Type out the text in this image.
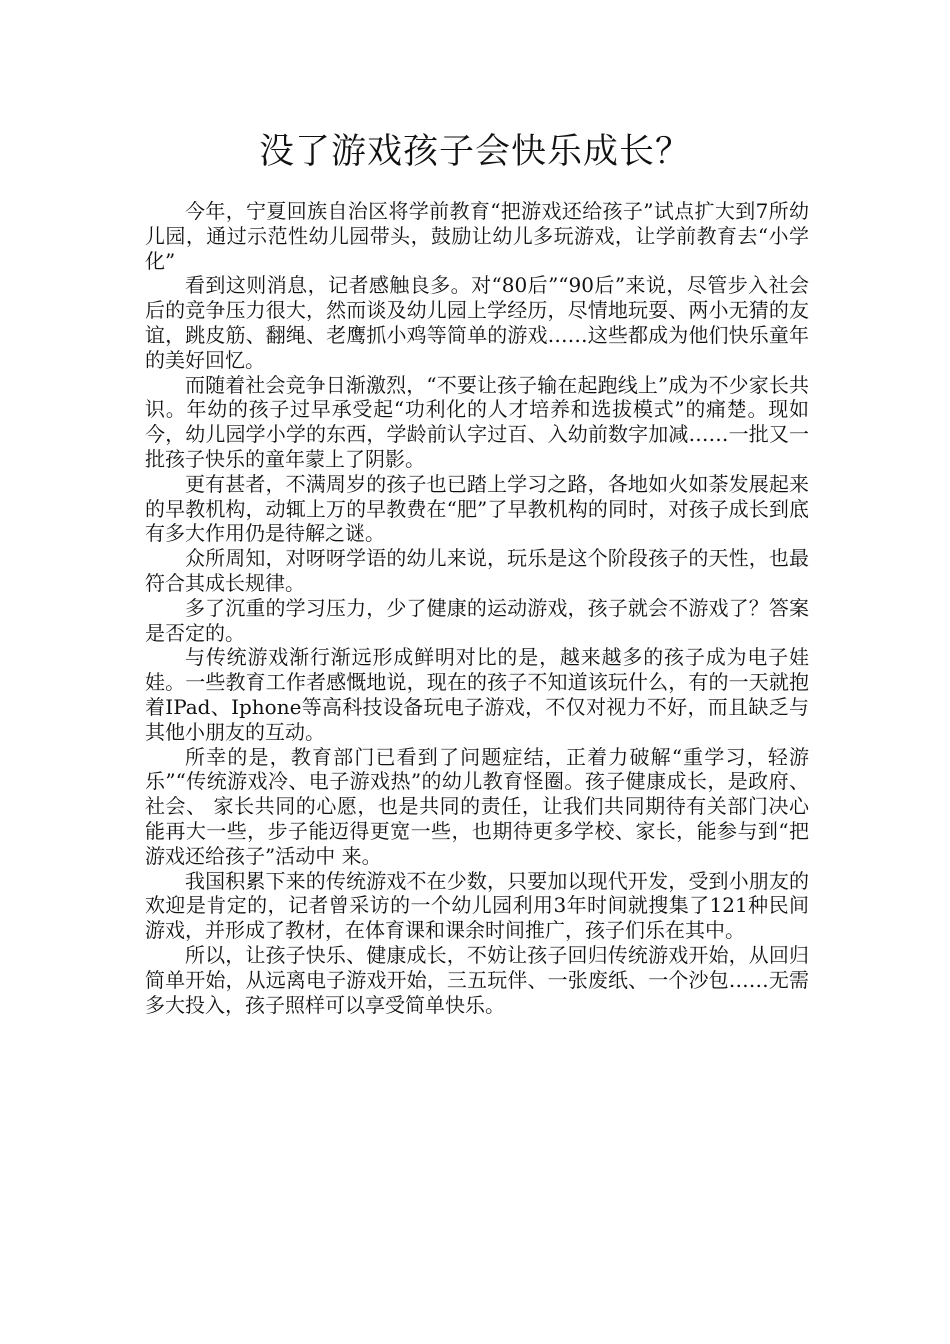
没了游戏孩子会快乐成长？

今年，宁夏回族自治区将学前教育“把游戏还给孩子”试点扩大到7所幼儿园，通过示范性幼儿园带头，鼓励让幼儿多玩游戏，让学前教育去“小学化”

看到这则消息，记者感触良多。对“80后”“90后”来说，尽管步入社会后的竞争压力很大，然而谈及幼儿园上学经历，尽情地玩耍、两小无猜的友谊，跳皮筋、翻绳、老鹰抓小鸡等简单的游戏……这些都成为他们快乐童年的美好回忆。

而随着社会竞争日渐激烈，“不要让孩子输在起跑线上”成为不少家长共识。年幼的孩子过早承受起“功利化的人才培养和选拔模式”的痛楚。现如今，幼儿园学小学的东西，学龄前认字过百、入幼前数字加减……一批又一批孩子快乐的童年蒙上了阴影。

更有甚者，不满周岁的孩子也已踏上学习之路，各地如火如荼发展起来的早教机构，动辄上万的早教费在“肥”了早教机构的同时，对孩子成长到底有多大作用仍是待解之谜。

众所周知，对呀呀学语的幼儿来说，玩乐是这个阶段孩子的天性，也最符合其成长规律。

多了沉重的学习压力，少了健康的运动游戏，孩子就会不游戏了？答案是否定的。

与传统游戏渐行渐远形成鲜明对比的是，越来越多的孩子成为电子娃娃。一些教育工作者感慨地说，现在的孩子不知道该玩什么，有的一天就抱着IPad、Iphone等高科技设备玩电子游戏，不仅对视力不好，而且缺乏与其他小朋友的互动。

所幸的是，教育部门已看到了问题症结，正着力破解“重学习，轻游乐”“传统游戏冷、电子游戏热”的幼儿教育怪圈。孩子健康成长，是政府、社会、 家长共同的心愿，也是共同的责任，让我们共同期待有关部门决心能再大一些，步子能迈得更宽一些，也期待更多学校、家长，能参与到“把游戏还给孩子”活动中 来。

我国积累下来的传统游戏不在少数，只要加以现代开发，受到小朋友的欢迎是肯定的，记者曾采访的一个幼儿园利用3年时间就搜集了121种民间游戏，并形成了教材，在体育课和课余时间推广，孩子们乐在其中。

所以，让孩子快乐、健康成长，不妨让孩子回归传统游戏开始，从回归简单开始，从远离电子游戏开始，三五玩伴、一张废纸、一个沙包……无需多大投入，孩子照样可以享受简单快乐。
